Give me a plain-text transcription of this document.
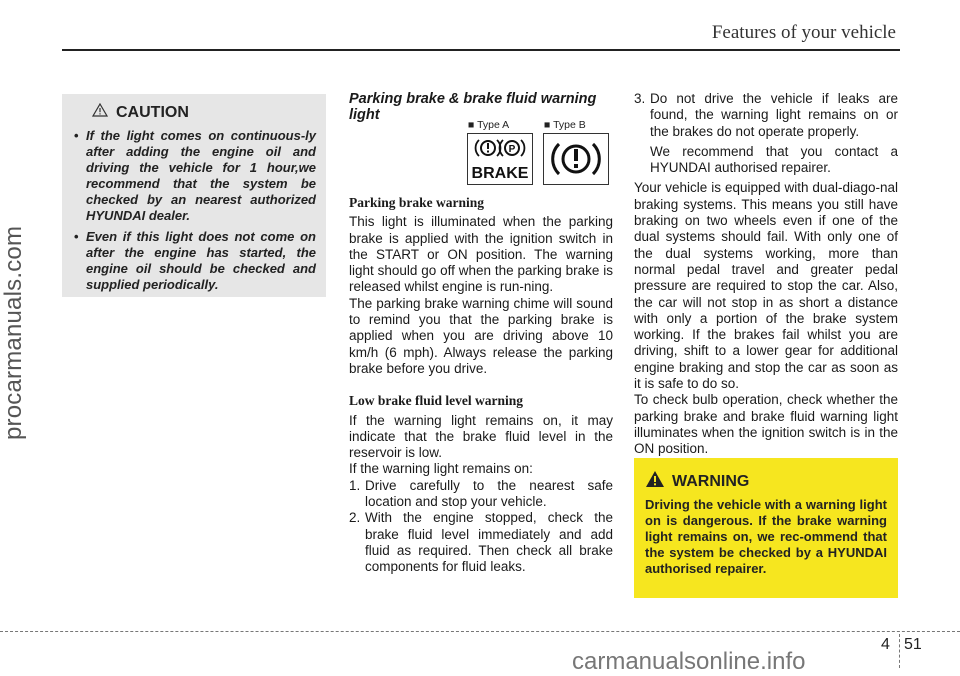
Features of your vehicle
procarmanuals.com
CAUTION
• If the light comes on continuous-ly after adding the engine oil and driving the vehicle for 1 hour,we recommend that the system be checked by an nearest authorized HYUNDAI dealer.
• Even if this light does not come on after the engine has started, the engine oil should be checked and supplied periodically.

Parking brake & brake fluid warning light

■ Type A	■ Type B
P
BRAKE

Parking brake warning

This light is illuminated when the parking brake is applied with the ignition switch in the START or ON position. The warning light should go off when the parking brake is released whilst engine is run-ning.

The parking brake warning chime will sound to remind you that the parking brake is applied when you are driving above 10 km/h (6 mph). Always release the parking brake before you drive.

Low brake fluid level warning

If the warning light remains on, it may indicate that the brake fluid level in the reservoir is low.

If the warning light remains on:

1. Drive carefully to the nearest safe location and stop your vehicle.
2. With the engine stopped, check the brake fluid level immediately and add fluid as required. Then check all brake components for fluid leaks.
3. Do not drive the vehicle if leaks are found, the warning light remains on or the brakes do not operate properly.

We recommend that you contact a HYUNDAI authorised repairer.

Your vehicle is equipped with dual-diago-nal braking systems. This means you still have braking on two wheels even if one of the dual systems should fail. With only one of the dual systems working, more than normal pedal travel and greater pedal pressure are required to stop the car. Also, the car will not stop in as short a distance with only a portion of the brake system working. If the brakes fail whilst you are driving, shift to a lower gear for additional engine braking and stop the car as soon as it is safe to do so.

To check bulb operation, check whether the parking brake and brake fluid warning light illuminates when the ignition switch is in the ON position.

WARNING

Driving the vehicle with a warning light on is dangerous. If the brake warning light remains on, we rec-ommend that the system be checked by a HYUNDAI authorised repairer.

4 51
carmanualsonline.info
